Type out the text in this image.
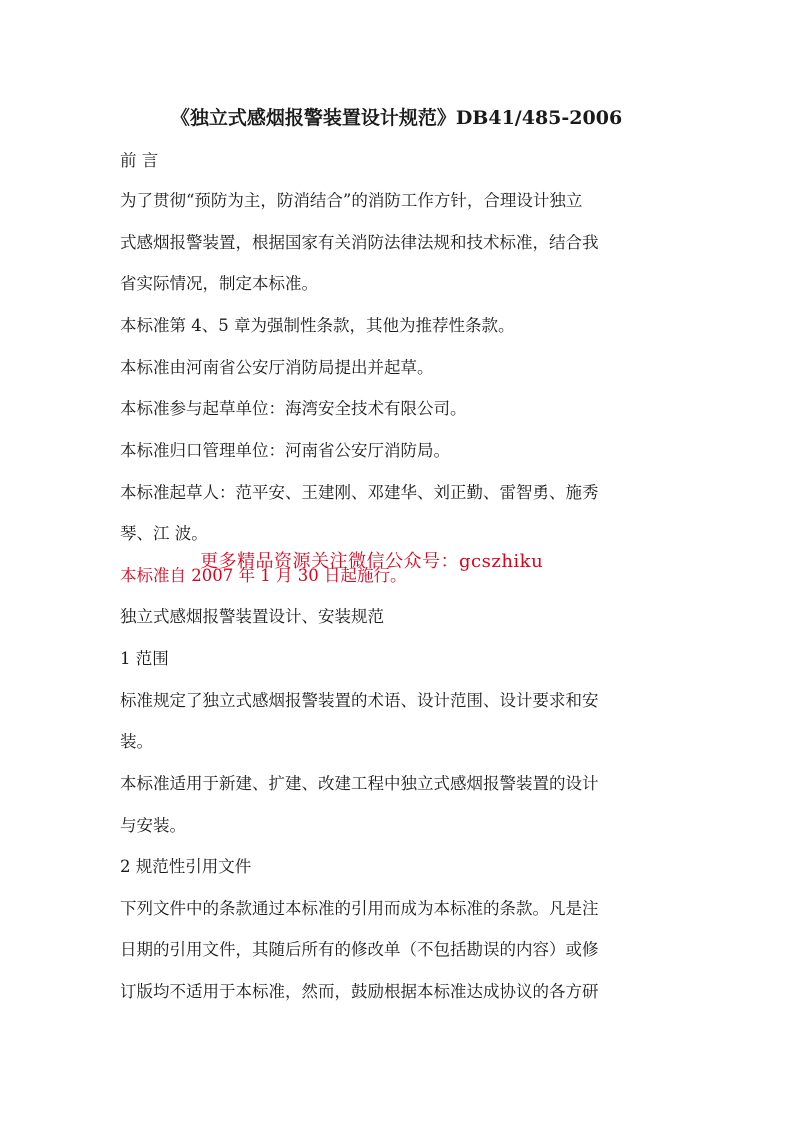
《独立式感烟报警装置设计规范》DB41/485-2006
前 言
为了贯彻“预防为主，防消结合”的消防工作方针，合理设计独立
式感烟报警装置，根据国家有关消防法律法规和技术标准，结合我
省实际情况，制定本标准。
本标准第 4、5 章为强制性条款，其他为推荐性条款。
本标准由河南省公安厅消防局提出并起草。
本标准参与起草单位：海湾安全技术有限公司。
本标准归口管理单位：河南省公安厅消防局。
本标准起草人：范平安、王建刚、邓建华、刘正勤、雷智勇、施秀
琴、江 波。
本标准自 2007 年 1 月 30 日起施行。
独立式感烟报警装置设计、安装规范
1 范围
标准规定了独立式感烟报警装置的术语、设计范围、设计要求和安
装。
本标准适用于新建、扩建、改建工程中独立式感烟报警装置的设计
与安装。
2 规范性引用文件
下列文件中的条款通过本标准的引用而成为本标准的条款。凡是注
日期的引用文件，其随后所有的修改单（不包括勘误的内容）或修
订版均不适用于本标准，然而，鼓励根据本标准达成协议的各方研
更多精品资源关注微信公众号：gcszhiku
